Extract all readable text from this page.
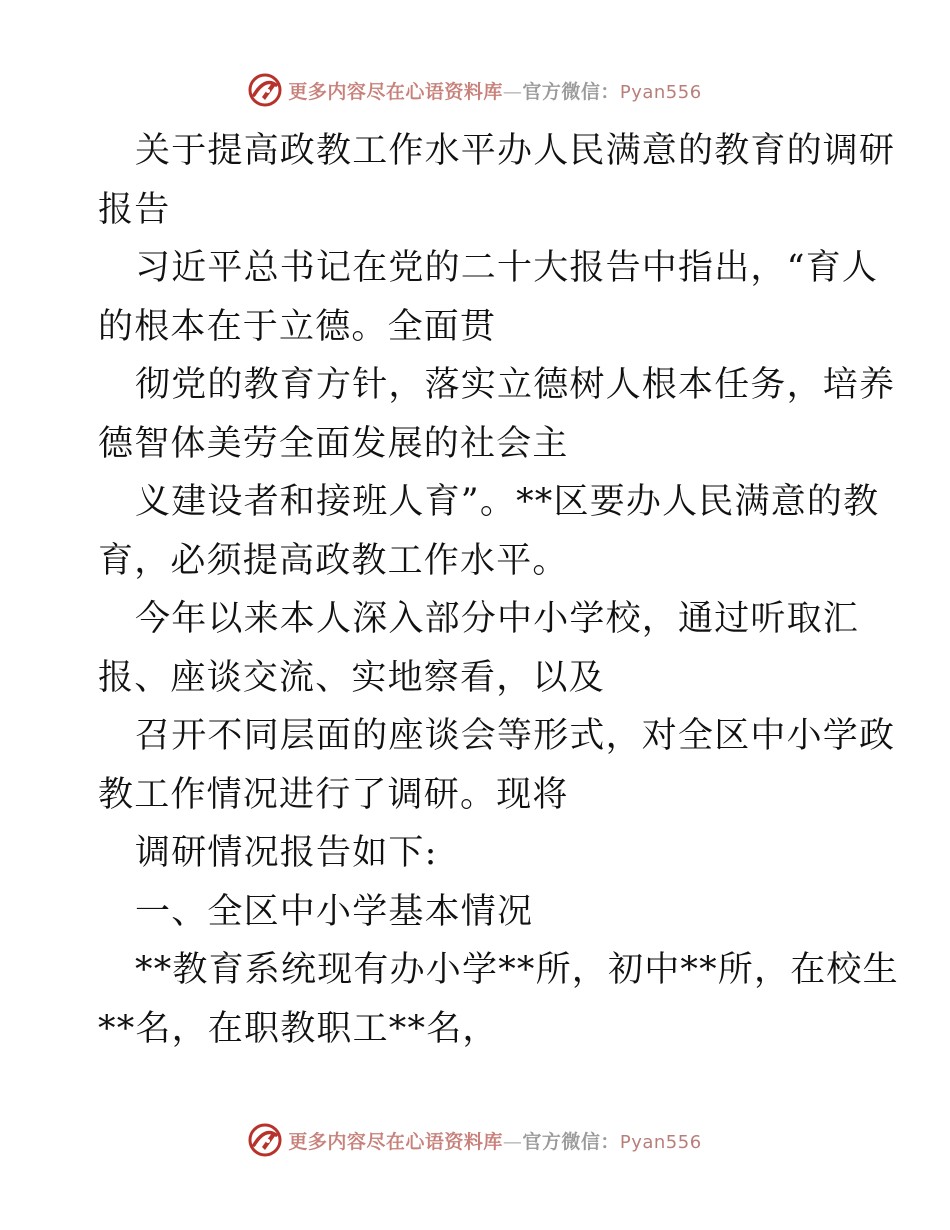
更多内容尽在心语资料库—官方微信：Pyan556
关于提高政教工作水平办人民满意的教育的调研
报告
习近平总书记在党的二十大报告中指出，“育人
的根本在于立德。全面贯
彻党的教育方针，落实立德树人根本任务，培养
德智体美劳全面发展的社会主
义建设者和接班人育”。**区要办人民满意的教
育，必须提高政教工作水平。
今年以来本人深入部分中小学校，通过听取汇
报、座谈交流、实地察看，以及
召开不同层面的座谈会等形式，对全区中小学政
教工作情况进行了调研。现将
调研情况报告如下:
一、全区中小学基本情况
**教育系统现有办小学**所，初中**所，在校生
**名，在职教职工**名，
更多内容尽在心语资料库—官方微信：Pyan556
